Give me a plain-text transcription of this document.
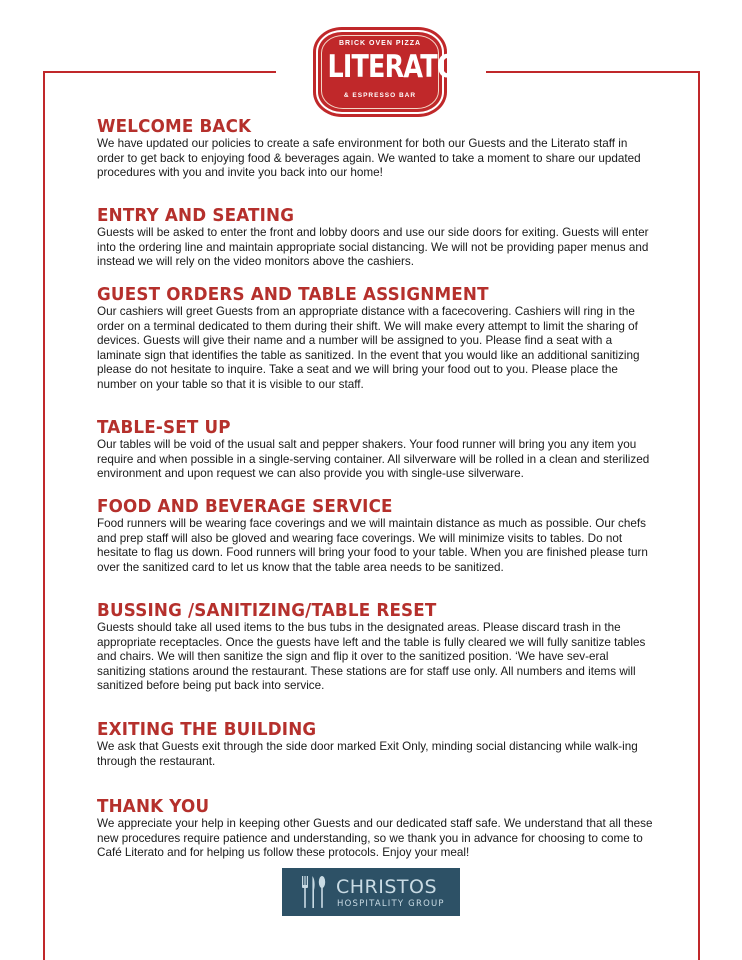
BRICK OVEN PIZZA
LITERATO
& ESPRESSO BAR
WELCOME BACK
We have updated our policies to create a safe environment for both our Guests and the Literato staff in order to get back to enjoying food & beverages again. We wanted to take a moment to share our updated procedures with you and invite you back into our home!
ENTRY AND SEATING
Guests will be asked to enter the front and lobby doors and use our side doors for exiting. Guests will enter into the ordering line and maintain appropriate social distancing. We will not be providing paper menus and instead we will rely on the video monitors above the cashiers.
GUEST ORDERS AND TABLE ASSIGNMENT
Our cashiers will greet Guests from an appropriate distance with a facecovering. Cashiers will ring in the order on a terminal dedicated to them during their shift. We will make every attempt to limit the sharing of devices. Guests will give their name and a number will be assigned to you. Please find a seat with a laminate sign that identifies the table as sanitized. In the event that you would like an additional sanitizing please do not hesitate to inquire. Take a seat and we will bring your food out to you. Please place the number on your table so that it is visible to our staff.
TABLE-SET UP
Our tables will be void of the usual salt and pepper shakers. Your food runner will bring you any item you require and when possible in a single-serving container. All silverware will be rolled in a clean and sterilized environment and upon request we can also provide you with single-use silverware.
FOOD AND BEVERAGE SERVICE
Food runners will be wearing face coverings and we will maintain distance as much as possible. Our chefs and prep staff will also be gloved and wearing face coverings. We will minimize visits to tables. Do not hesitate to flag us down. Food runners will bring your food to your table. When you are finished please turn over the sanitized card to let us know that the table area needs to be sanitized.
BUSSING /SANITIZING/TABLE RESET
Guests should take all used items to the bus tubs in the designated areas. Please discard trash in the appropriate receptacles. Once the guests have left and the table is fully cleared we will fully sanitize tables and chairs. We will then sanitize the sign and flip it over to the sanitized position. ‘We have sev-eral sanitizing stations around the restaurant. These stations are for staff use only. All numbers and items will sanitized before being put back into service.
EXITING THE BUILDING
We ask that Guests exit through the side door marked Exit Only, minding social distancing while walk-ing through the restaurant.
THANK YOU
We appreciate your help in keeping other Guests and our dedicated staff safe. We understand that all these new procedures require patience and understanding, so we thank you in advance for choosing to come to Café Literato and for helping us follow these protocols. Enjoy your meal!
CHRISTOS
HOSPITALITY GROUP
